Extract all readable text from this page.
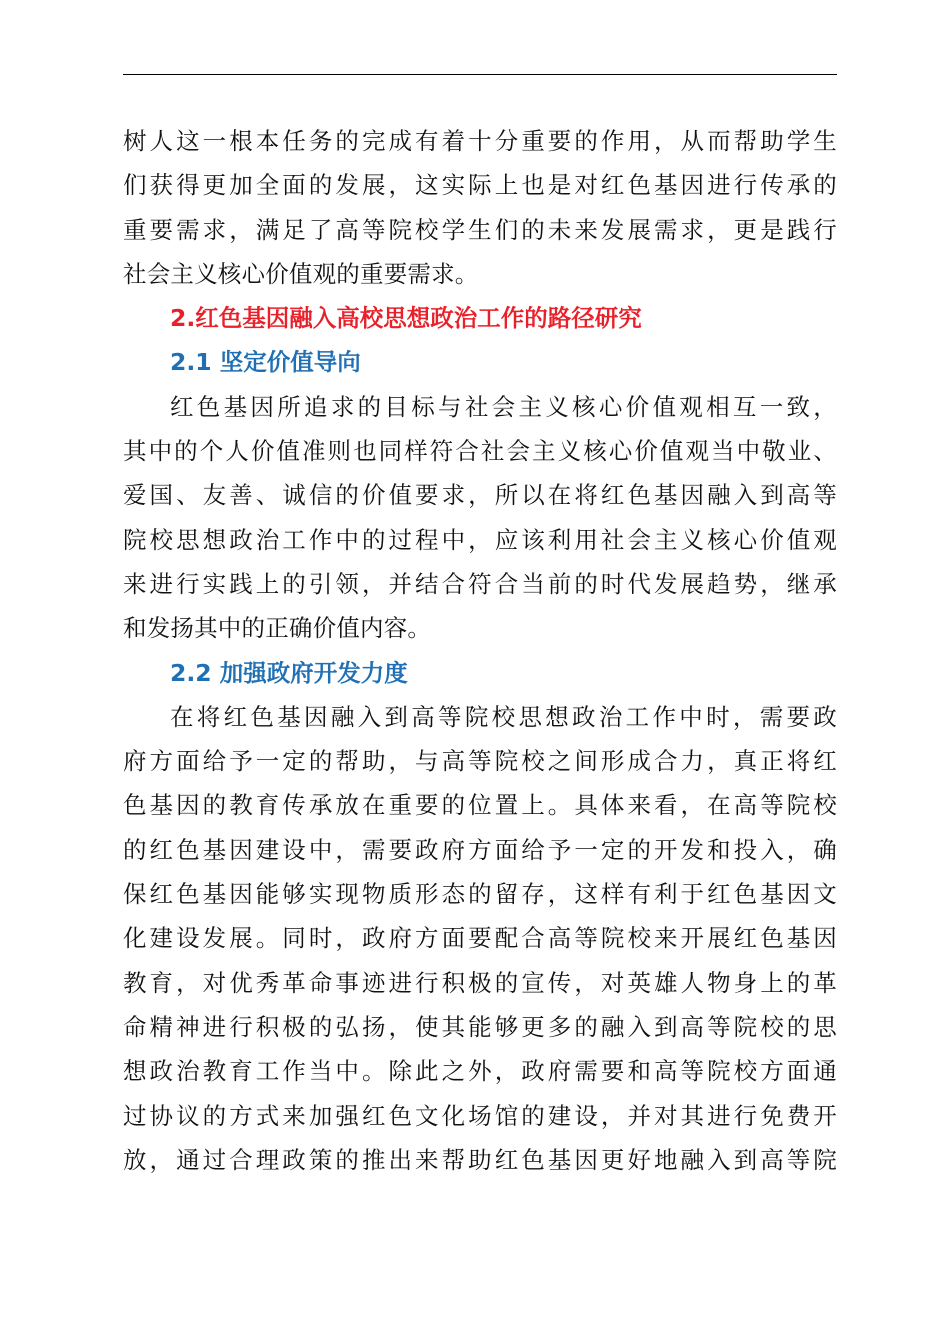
树人这一根本任务的完成有着十分重要的作用，从而帮助学生
们获得更加全面的发展，这实际上也是对红色基因进行传承的
重要需求，满足了高等院校学生们的未来发展需求，更是践行
社会主义核心价值观的重要需求。

2.红色基因融入高校思想政治工作的路径研究
2.1 坚定价值导向

红色基因所追求的目标与社会主义核心价值观相互一致，
其中的个人价值准则也同样符合社会主义核心价值观当中敬业、
爱国、友善、诚信的价值要求，所以在将红色基因融入到高等
院校思想政治工作中的过程中，应该利用社会主义核心价值观
来进行实践上的引领，并结合符合当前的时代发展趋势，继承
和发扬其中的正确价值内容。

2.2 加强政府开发力度

在将红色基因融入到高等院校思想政治工作中时，需要政
府方面给予一定的帮助，与高等院校之间形成合力，真正将红
色基因的教育传承放在重要的位置上。具体来看，在高等院校
的红色基因建设中，需要政府方面给予一定的开发和投入，确
保红色基因能够实现物质形态的留存，这样有利于红色基因文
化建设发展。同时，政府方面要配合高等院校来开展红色基因
教育，对优秀革命事迹进行积极的宣传，对英雄人物身上的革
命精神进行积极的弘扬，使其能够更多的融入到高等院校的思
想政治教育工作当中。除此之外，政府需要和高等院校方面通
过协议的方式来加强红色文化场馆的建设，并对其进行免费开
放，通过合理政策的推出来帮助红色基因更好地融入到高等院
